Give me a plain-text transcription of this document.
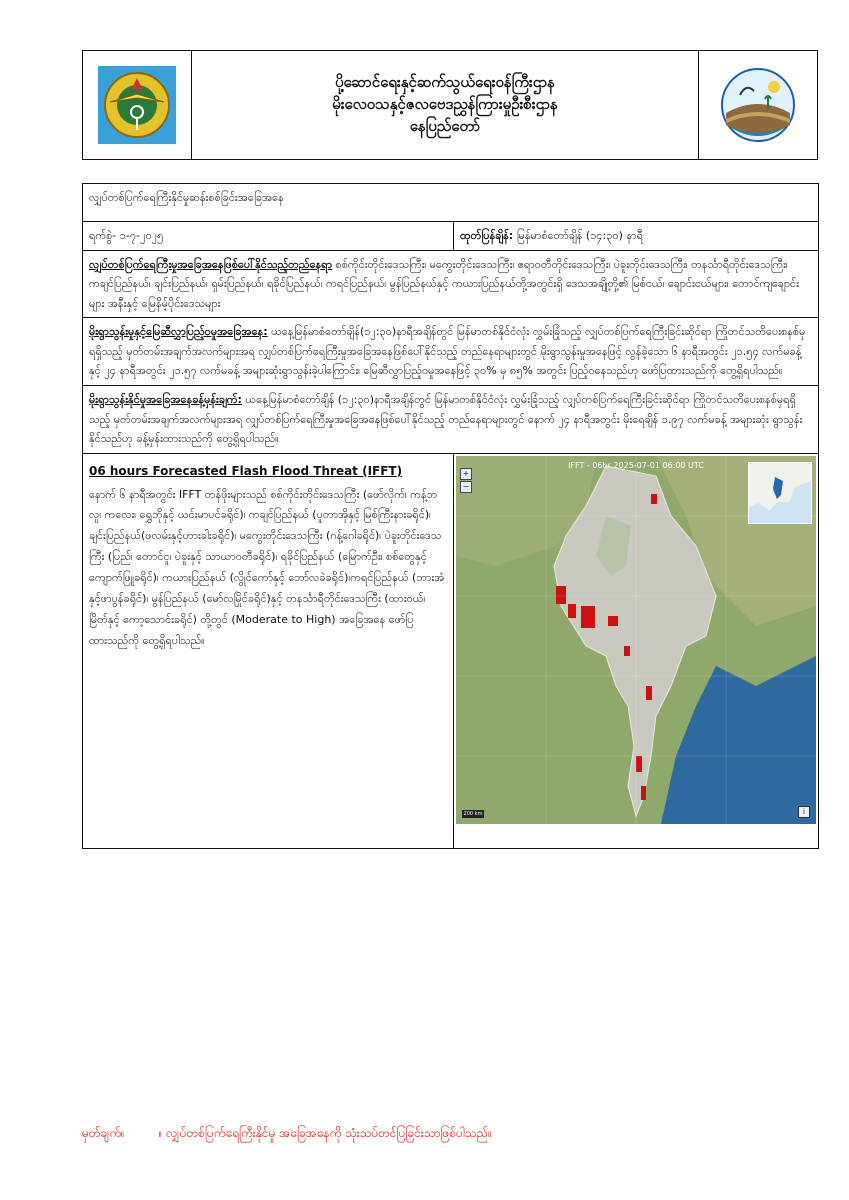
ပို့ဆောင်ရေးနှင့်ဆက်သွယ်ရေးဝန်ကြီးဌာန
မိုးလေဝသနှင့်ဇလဗေဒညွှန်ကြားမှုဦးစီးဌာန
နေပြည်တော်
လျှပ်တစ်ပြက်ရေကြီးနိုင်မှုဆန်းစစ်ခြင်းအခြေအနေ
ရက်စွဲ- ၁-၇-၂၀၂၅	ထုတ်ပြန်ချိန်: မြန်မာစံတော်ချိန် (၁၄:၃၀) နာရီ
လျှပ်တစ်ပြက်ရေကြီးမှုအခြေအနေဖြစ်ပေါ်နိုင်သည့်တည်နေရာ စစ်ကိုင်းတိုင်းဒေသကြီး၊ မကွေးတိုင်းဒေသကြီး၊ ဧရာဝတီတိုင်းဒေသကြီး၊ ပဲခူးတိုင်းဒေသကြီး၊ တနင်္သာရီတိုင်းဒေသကြီး၊ ကချင်ပြည်နယ်၊ ချင်းပြည်နယ်၊ ရှမ်းပြည်နယ်၊ ရခိုင်ပြည်နယ်၊ ကရင်ပြည်နယ်၊ မွန်ပြည်နယ်နှင့် ကယားပြည်နယ်တို့အတွင်းရှိ ဒေသအချို့တို့၏ မြစ်ငယ်၊ ချောင်းငယ်များ၊ တောင်ကျချောင်းများ အနီးနှင့် မြေနိမ့်ပိုင်းဒေသများ
မိုးရွာသွန်းမှုနှင့်မြေဆီလွှာပြည့်ဝမှုအခြေအနေ: ယနေ့မြန်မာစံတော်ချိန်(၁၂:၃၀)နာရီအချိန်တွင် မြန်မာတစ်နိုင်ငံလုံး လွှမ်းခြုံသည့် လျှပ်တစ်ပြက်ရေကြီးခြင်းဆိုင်ရာ ကြိုတင်သတိပေးစနစ်မှရရှိသည့် မှတ်တမ်းအချက်အလက်များအရ လျှပ်တစ်ပြက်ရေကြီးမှုအခြေအနေဖြစ်ပေါ်နိုင်သည့် တည်နေရာများတွင် မိုးရွာသွန်းမှုအနေဖြင့် လွန်ခဲ့သော ၆ နာရီအတွင်း ၂၁.၅၄ လက်မခန့်နှင့် ၂၄ နာရီအတွင်း ၂၁.၅၇ လက်မခန့် အများဆုံးရွာသွန်းခဲ့ပါကြောင်း၊ မြေဆီလွှာပြည့်ဝမှုအနေဖြင့် ၃၀% မှ ၈၅% အတွင်း ပြည့်ဝနေသည်ဟု ဖော်ပြထားသည်ကို တွေ့ရှိရပါသည်။
မိုးရွာသွန်းနိုင်မှုအခြေအနေခန့်မှန်းချက်: ယနေ့မြန်မာစံတော်ချိန် (၁၂:၃၀)နာရီအချိန်တွင် မြန်မာတစ်နိုင်ငံလုံး လွှမ်းခြုံသည့် လျှပ်တစ်ပြက်ရေကြီးခြင်းဆိုင်ရာ ကြိုတင်သတိပေးစနစ်မှရရှိသည့် မှတ်တမ်းအချက်အလက်များအရ လျှပ်တစ်ပြက်ရေကြီးမှုအခြေအနေဖြစ်ပေါ်နိုင်သည့် တည်နေရာများတွင် နောက် ၂၄ နာရီအတွင်း မိုးရေချိန် ၁.၉၇ လက်မခန့် အများဆုံး ရွာသွန်းနိုင်သည်ဟု ခန့်မှန်းထားသည်ကို တွေ့ရှိရပါသည်။
06 hours Forecasted Flash Flood Threat (IFFT)
နောက် ၆ နာရီအတွင်း IFFT တန်ဖိုးများသည် စစ်ကိုင်းတိုင်းဒေသကြီး (ဖော်လိုက်၊ ကန့်ဘလူ၊ ကလေး၊ ရွှေဘိုနှင့် ယင်းမာပင်ခရိုင်)၊ ကချင်ပြည်နယ် (ပူတာအိုနှင့် မြစ်ကြီးနားခရိုင်)၊ ချင်းပြည်နယ်(ဖလမ်းနှင့်ဟားခါးခရိုင်)၊ မကွေးတိုင်းဒေသကြီး (ဂန့်ဂေါခရိုင်)၊ ပဲခူးတိုင်းဒေသကြီး (ပြည်၊ တောင်ငူ၊ ပဲခူးနှင့် သာယာဝတီခရိုင်)၊ ရခိုင်ပြည်နယ် (မြောက်ဦး၊ စစ်တွေနှင့် ကျောက်ဖြူခရိုင်)၊ ကယားပြည်နယ် (လွိုင်ကော်နှင့် ဘော်လခဲခရိုင်)၊ကရင်ပြည်နယ် (ဘားအံနှင့်ဖာပွန်ခရိုင်)၊ မွန်ပြည်နယ် (မော်လမြိုင်ခရိုင်)နှင့် တနင်္သာရီတိုင်းဒေသကြီး (ထားဝယ်၊ မြိတ်နှင့် ကော့သောင်းခရိုင်) တို့တွင် (Moderate to High) အခြေအနေ ဖော်ပြထားသည်ကို တွေ့ရှိရပါသည်။
IFFT - 06hr 2025-07-01 06:00 UTC
+
−
200 km	i
မှတ်ချက်။	။ လျှပ်တစ်ပြက်ရေကြီးနိုင်မှု အခြေအနေကို သုံးသပ်တင်ပြခြင်းသာဖြစ်ပါသည်။
